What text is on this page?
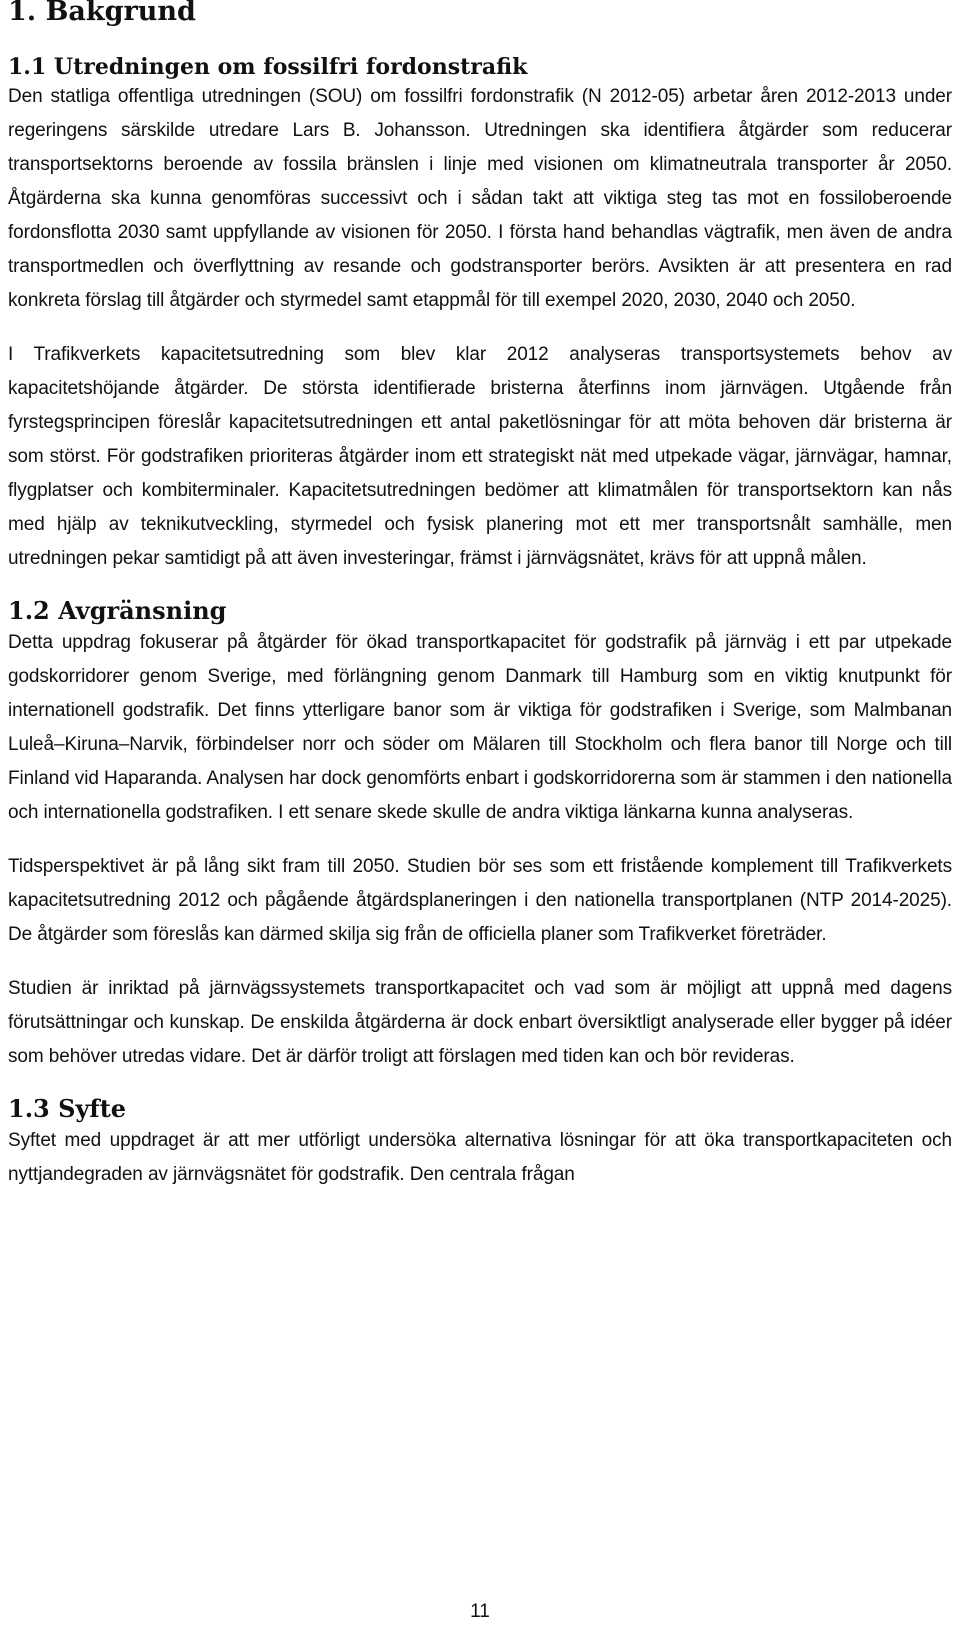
1. Bakgrund
1.1 Utredningen om fossilfri fordonstrafik

Den statliga offentliga utredningen (SOU) om fossilfri fordonstrafik (N 2012-05) arbetar åren 2012-2013 under regeringens särskilde utredare Lars B. Johansson. Utredningen ska identifiera åtgärder som reducerar transportsektorns beroende av fossila bränslen i linje med visionen om klimatneutrala transporter år 2050. Åtgärderna ska kunna genomföras successivt och i sådan takt att viktiga steg tas mot en fossiloberoende fordonsflotta 2030 samt uppfyllande av visionen för 2050. I första hand behandlas vägtrafik, men även de andra transportmedlen och överflyttning av resande och godstransporter berörs. Avsikten är att presentera en rad konkreta förslag till åtgärder och styrmedel samt etappmål för till exempel 2020, 2030, 2040 och 2050.

I Trafikverkets kapacitetsutredning som blev klar 2012 analyseras transportsystemets behov av kapacitetshöjande åtgärder. De största identifierade bristerna återfinns inom järnvägen. Utgående från fyrstegsprincipen föreslår kapacitetsutredningen ett antal paketlösningar för att möta behoven där bristerna är som störst. För godstrafiken prioriteras åtgärder inom ett strategiskt nät med utpekade vägar, järnvägar, hamnar, flygplatser och kombiterminaler. Kapacitetsutredningen bedömer att klimatmålen för transportsektorn kan nås med hjälp av teknikutveckling, styrmedel och fysisk planering mot ett mer transportsnålt samhälle, men utredningen pekar samtidigt på att även investeringar, främst i järnvägsnätet, krävs för att uppnå målen.

1.2 Avgränsning

Detta uppdrag fokuserar på åtgärder för ökad transportkapacitet för godstrafik på järnväg i ett par utpekade godskorridorer genom Sverige, med förlängning genom Danmark till Hamburg som en viktig knutpunkt för internationell godstrafik. Det finns ytterligare banor som är viktiga för godstrafiken i Sverige, som Malmbanan Luleå–Kiruna–Narvik, förbindelser norr och söder om Mälaren till Stockholm och flera banor till Norge och till Finland vid Haparanda. Analysen har dock genomförts enbart i godskorridorerna som är stammen i den nationella och internationella godstrafiken. I ett senare skede skulle de andra viktiga länkarna kunna analyseras.

Tidsperspektivet är på lång sikt fram till 2050. Studien bör ses som ett fristående komplement till Trafikverkets kapacitetsutredning 2012 och pågående åtgärdsplaneringen i den nationella transportplanen (NTP 2014-2025). De åtgärder som föreslås kan därmed skilja sig från de officiella planer som Trafikverket företräder.

Studien är inriktad på järnvägssystemets transportkapacitet och vad som är möjligt att uppnå med dagens förutsättningar och kunskap. De enskilda åtgärderna är dock enbart översiktligt analyserade eller bygger på idéer som behöver utredas vidare. Det är därför troligt att förslagen med tiden kan och bör revideras.

1.3 Syfte

Syftet med uppdraget är att mer utförligt undersöka alternativa lösningar för att öka transportkapaciteten och nyttjandegraden av järnvägsnätet för godstrafik. Den centrala frågan

11
